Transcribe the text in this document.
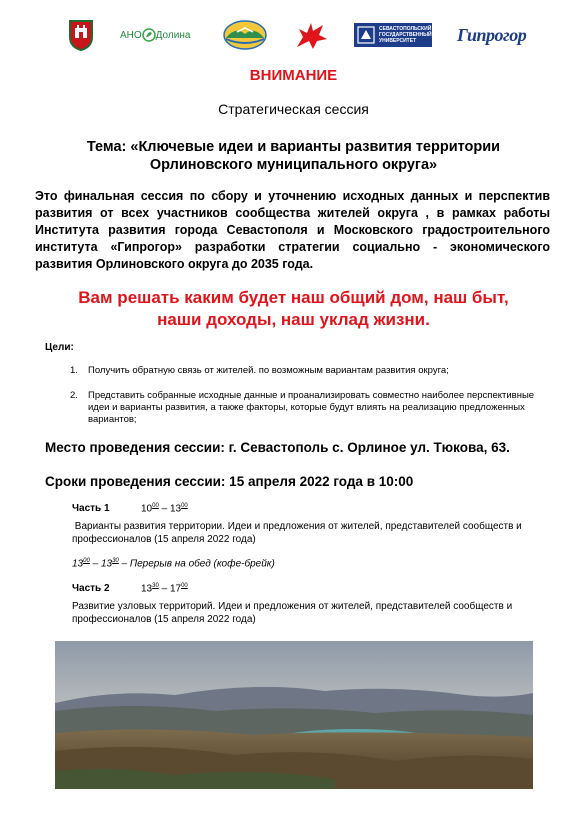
АНО Долина
СЕВАСТОПОЛЬСКИЙ
ГОСУДАРСТВЕННЫЙ
УНИВЕРСИТЕТ	Гипрогор
ВНИМАНИЕ
Стратегическая сессия
Тема: «Ключевые идеи и варианты развития территории
Орлиновского муниципального округа»
Это финальная сессия по сбору и уточнению исходных данных и перспектив развития от всех участников сообщества жителей округа , в рамках работы Института развития города Севастополя и Московского градостроительного института «Гипрогор» разработки стратегии социально - экономического развития Орлиновского округа до 2035 года.
Вам решать каким будет наш общий дом, наш быт,
наши доходы, наш уклад жизни.
Цели:
1. Получить обратную связь от жителей. по возможным вариантам развития округа;
2. Представить собранные исходные данные и проанализировать совместно наиболее перспективные идеи и варианты развития, а также факторы, которые будут влиять на реализацию предложенных вариантов;
Место проведения сессии: г. Севастополь с. Орлиное ул. Тюкова, 63.
Сроки проведения сессии: 15 апреля 2022 года в 10:00
Часть 1	$10^{00} - 13^{00}$
Варианты развития территории. Идеи и предложения от жителей, представителей сообществ и профессионалов (15 апреля 2022 года)
$13^{00} - 13^{30}$ – Перерыв на обед (кофе-брейк)
Часть 2	$13^{30} - 17^{00}$
Развитие узловых территорий. Идеи и предложения от жителей, представителей сообществ и профессионалов (15 апреля 2022 года)
